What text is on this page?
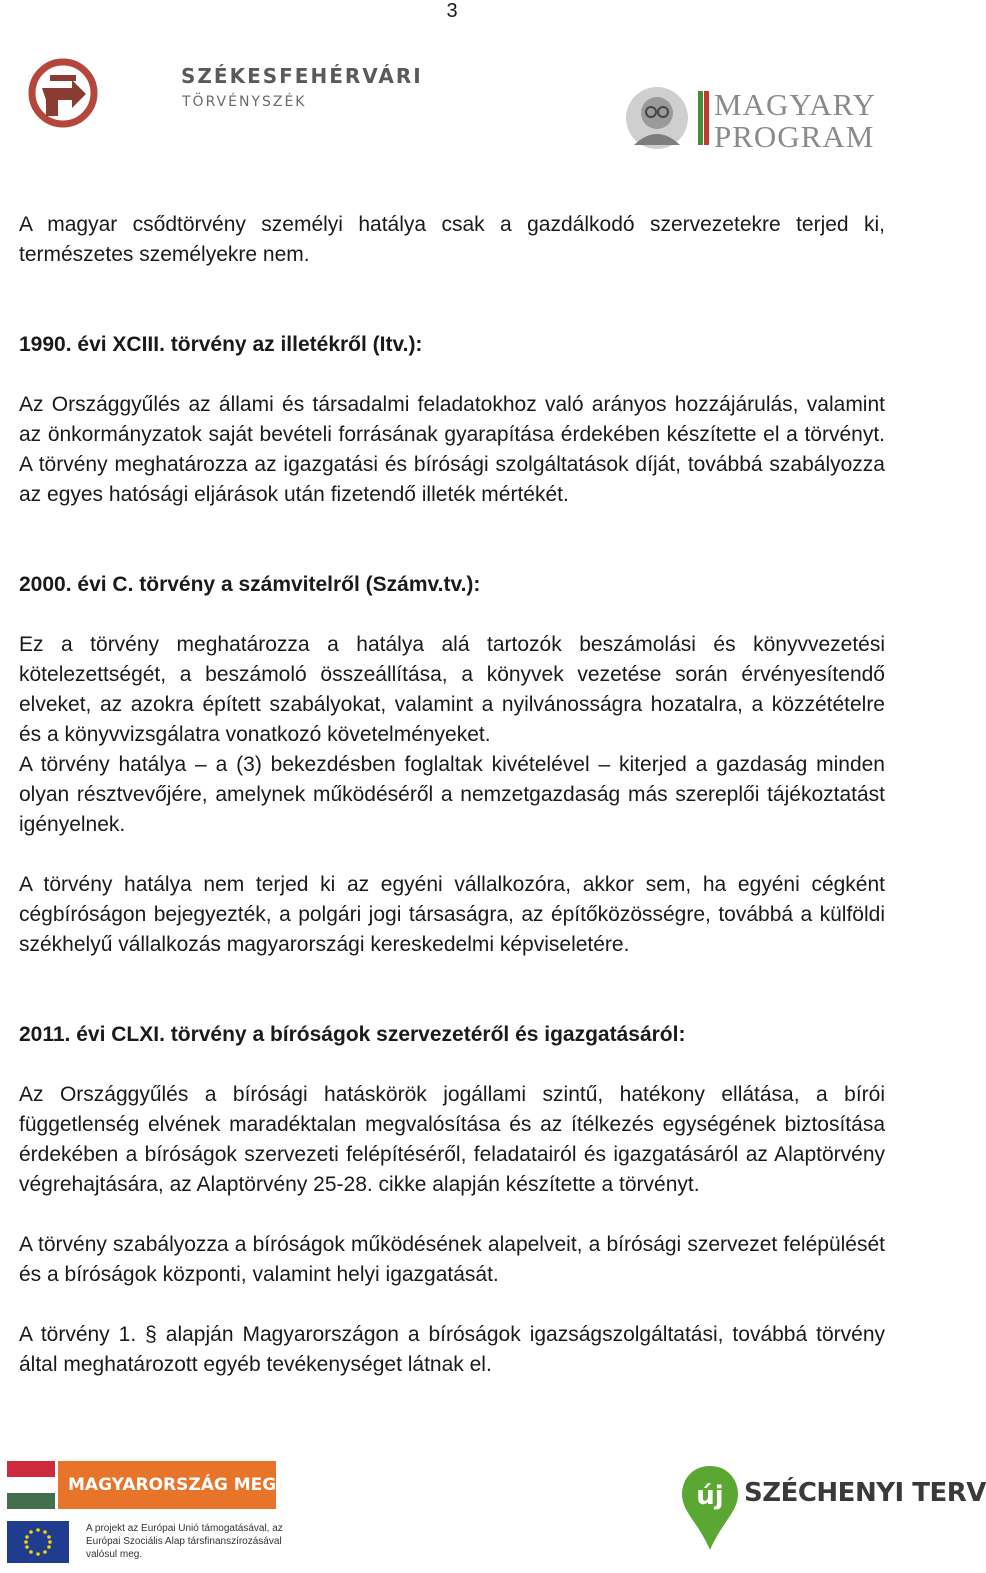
3
SZÉKESFEHÉRVÁRI
TÖRVÉNYSZÉK	MAGYARY
PROGRAM

A magyar csődtörvény személyi hatálya csak a gazdálkodó szervezetekre terjed ki, természetes személyekre nem.

1990. évi XCIII. törvény az illetékről (Itv.):

Az Országgyűlés az állami és társadalmi feladatokhoz való arányos hozzájárulás, valamint az önkormányzatok saját bevételi forrásának gyarapítása érdekében készítette el a törvényt. A törvény meghatározza az igazgatási és bírósági szolgáltatások díját, továbbá szabályozza az egyes hatósági eljárások után fizetendő illeték mértékét.

2000. évi C. törvény a számvitelről (Számv.tv.):

Ez a törvény meghatározza a hatálya alá tartozók beszámolási és könyvvezetési kötelezettségét, a beszámoló összeállítása, a könyvek vezetése során érvényesítendő elveket, az azokra épített szabályokat, valamint a nyilvánosságra hozatalra, a közzétételre és a könyvvizsgálatra vonatkozó követelményeket.

A törvény hatálya – a (3) bekezdésben foglaltak kivételével – kiterjed a gazdaság minden olyan résztvevőjére, amelynek működéséről a nemzetgazdaság más szereplői tájékoztatást igényelnek.

A törvény hatálya nem terjed ki az egyéni vállalkozóra, akkor sem, ha egyéni cégként cégbíróságon bejegyezték, a polgári jogi társaságra, az építőközösségre, továbbá a külföldi székhelyű vállalkozás magyarországi kereskedelmi képviseletére.

2011. évi CLXI. törvény a bíróságok szervezetéről és igazgatásáról:

Az Országgyűlés a bírósági hatáskörök jogállami szintű, hatékony ellátása, a bírói függetlenség elvének maradéktalan megvalósítása és az ítélkezés egységének biztosítása érdekében a bíróságok szervezeti felépítéséről, feladatairól és igazgatásáról az Alaptörvény végrehajtására, az Alaptörvény 25-28. cikke alapján készítette a törvényt.

A törvény szabályozza a bíróságok működésének alapelveit, a bírósági szervezet felépülését és a bíróságok központi, valamint helyi igazgatását.

A törvény 1. § alapján Magyarországon a bíróságok igazságszolgáltatási, továbbá törvény által meghatározott egyéb tevékenységet látnak el.

MAGYARORSZÁG MEGÚJUL
A projekt az Európai Unió támogatásával, az Európai Szociális Alap társfinanszírozásával valósul meg.
új SZÉCHENYI TERV
